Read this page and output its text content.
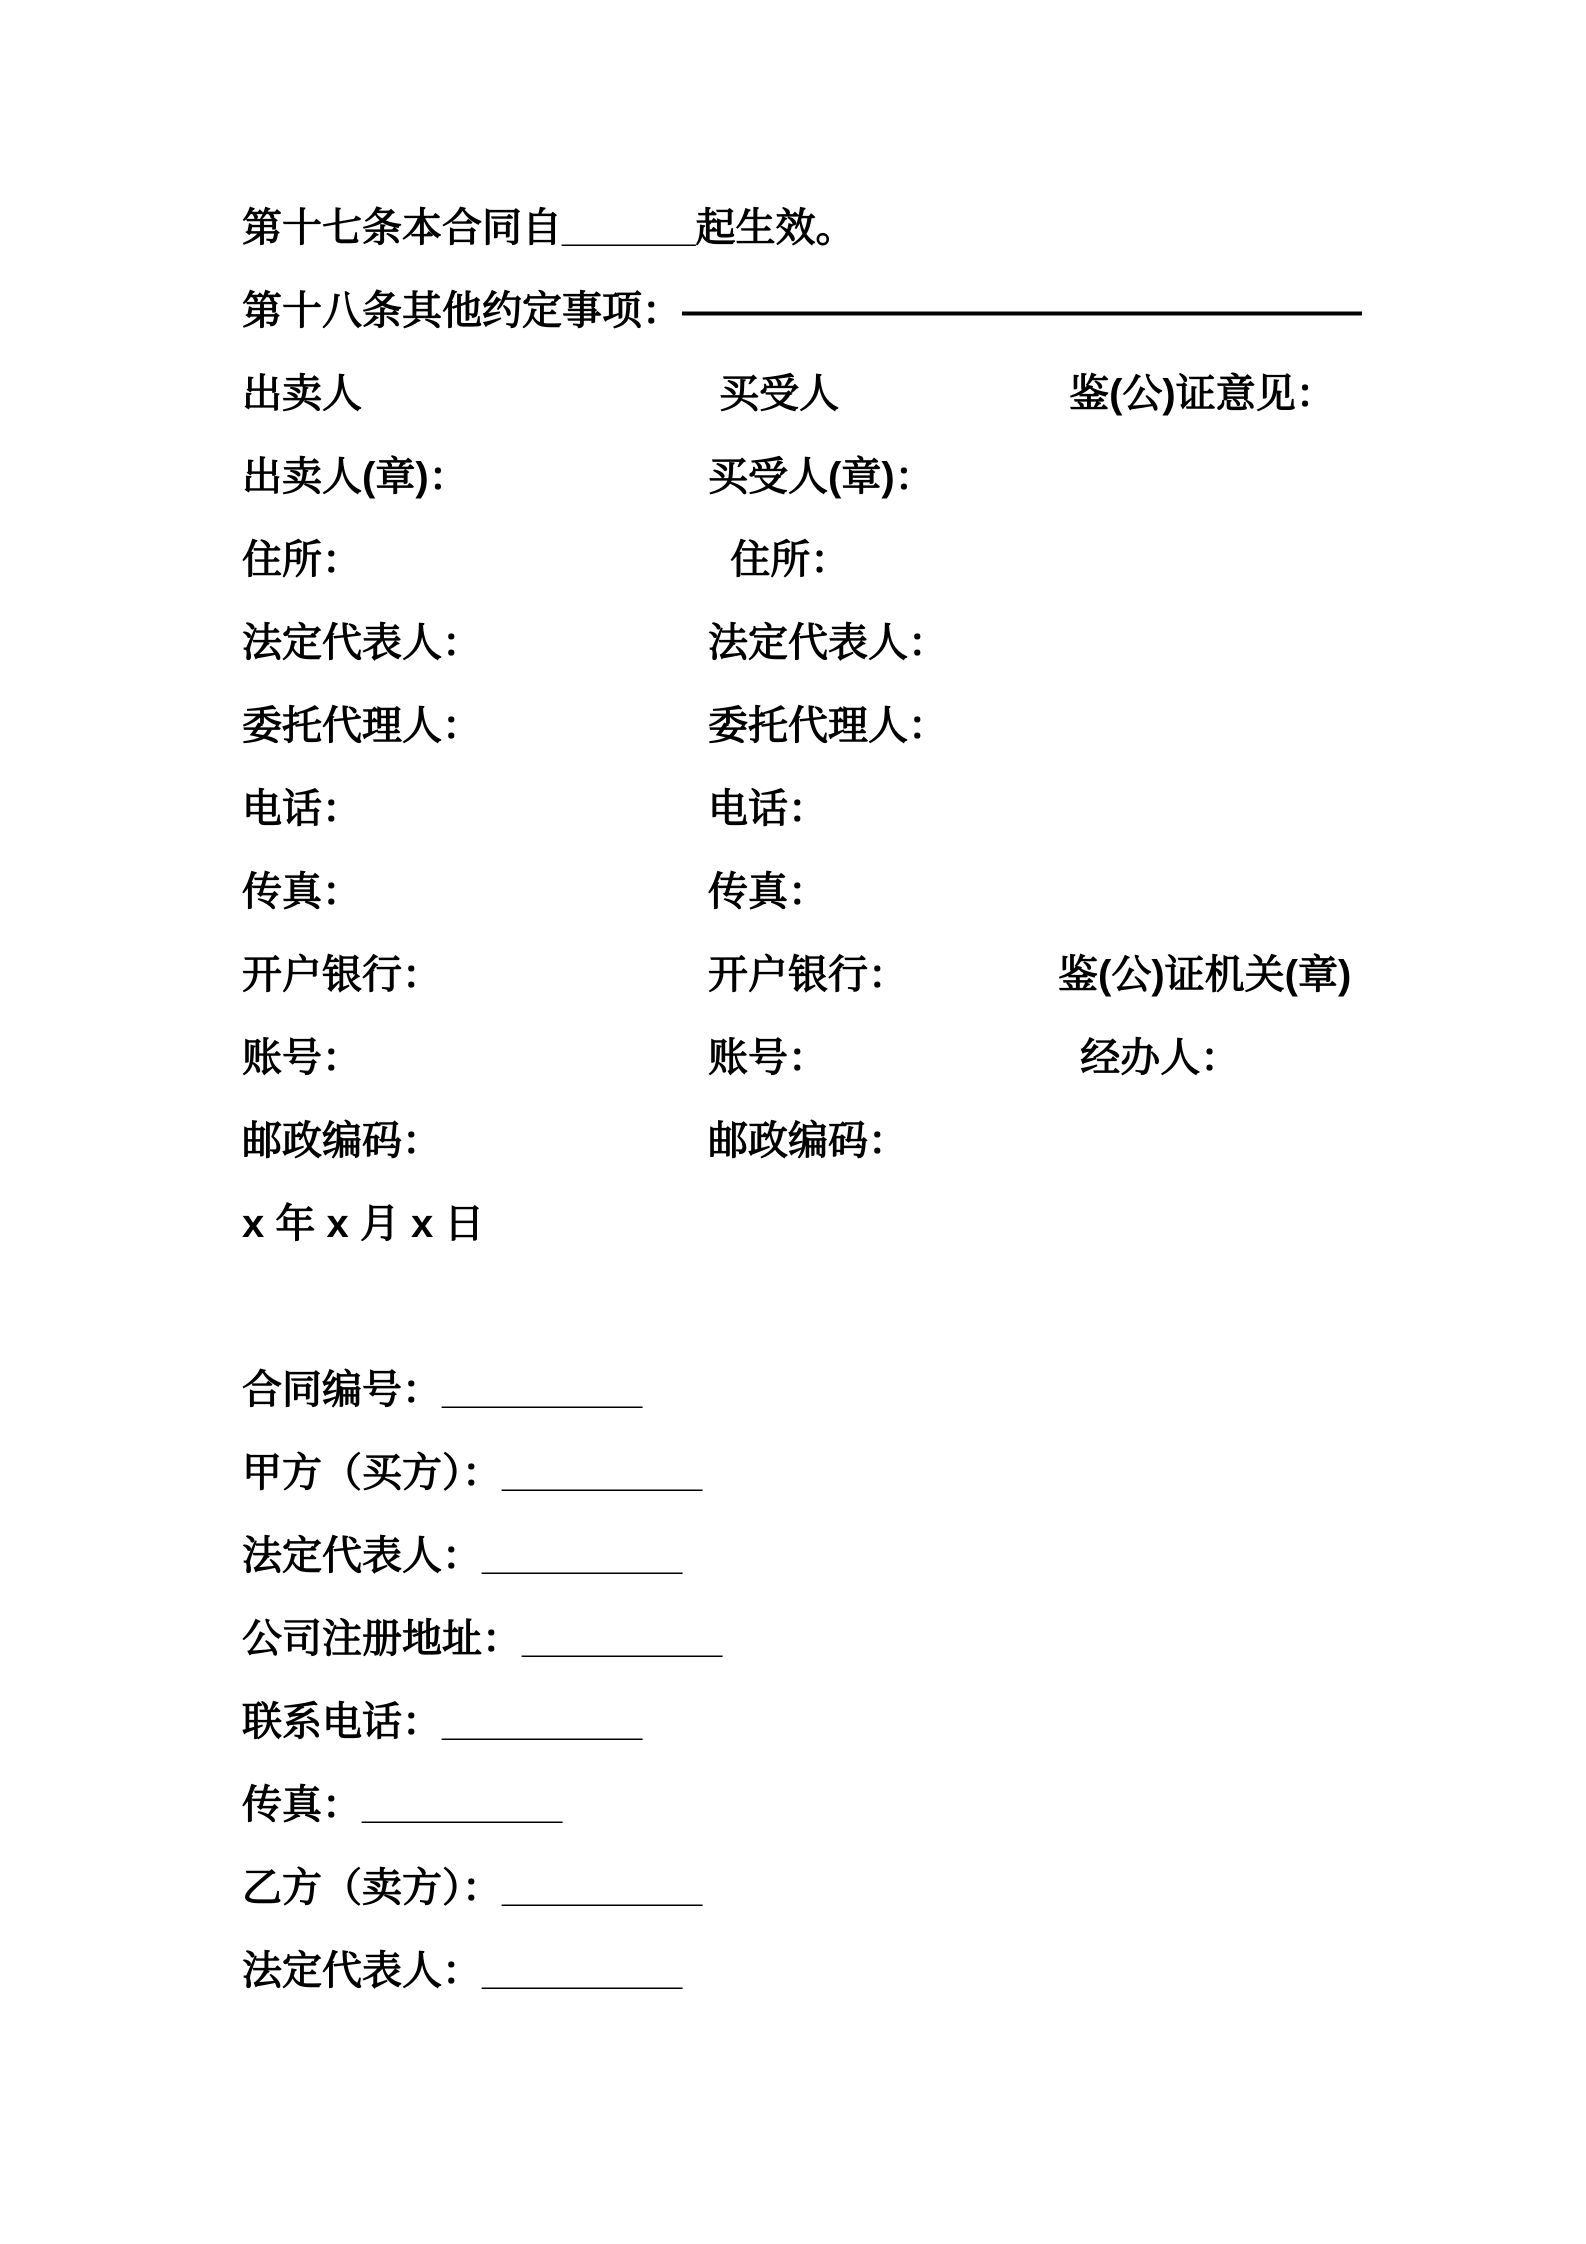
第十七条本合同自______起生效。
第十八条其他约定事项：—————————————————
出卖人	买受人	鉴(公)证意见：
出卖人(章)：	买受人(章)：
住所：	住所：
法定代表人：	法定代表人：
委托代理人：	委托代理人：
电话：	电话：
传真：	传真：
开户银行：	开户银行：	鉴(公)证机关(章)
账号：	账号：	经办人：
邮政编码：	邮政编码：
x 年 x 月 x 日
合同编号：_________
甲方（买方）：_________
法定代表人：_________
公司注册地址：_________
联系电话：_________
传真：_________
乙方（卖方）：_________
法定代表人：_________
